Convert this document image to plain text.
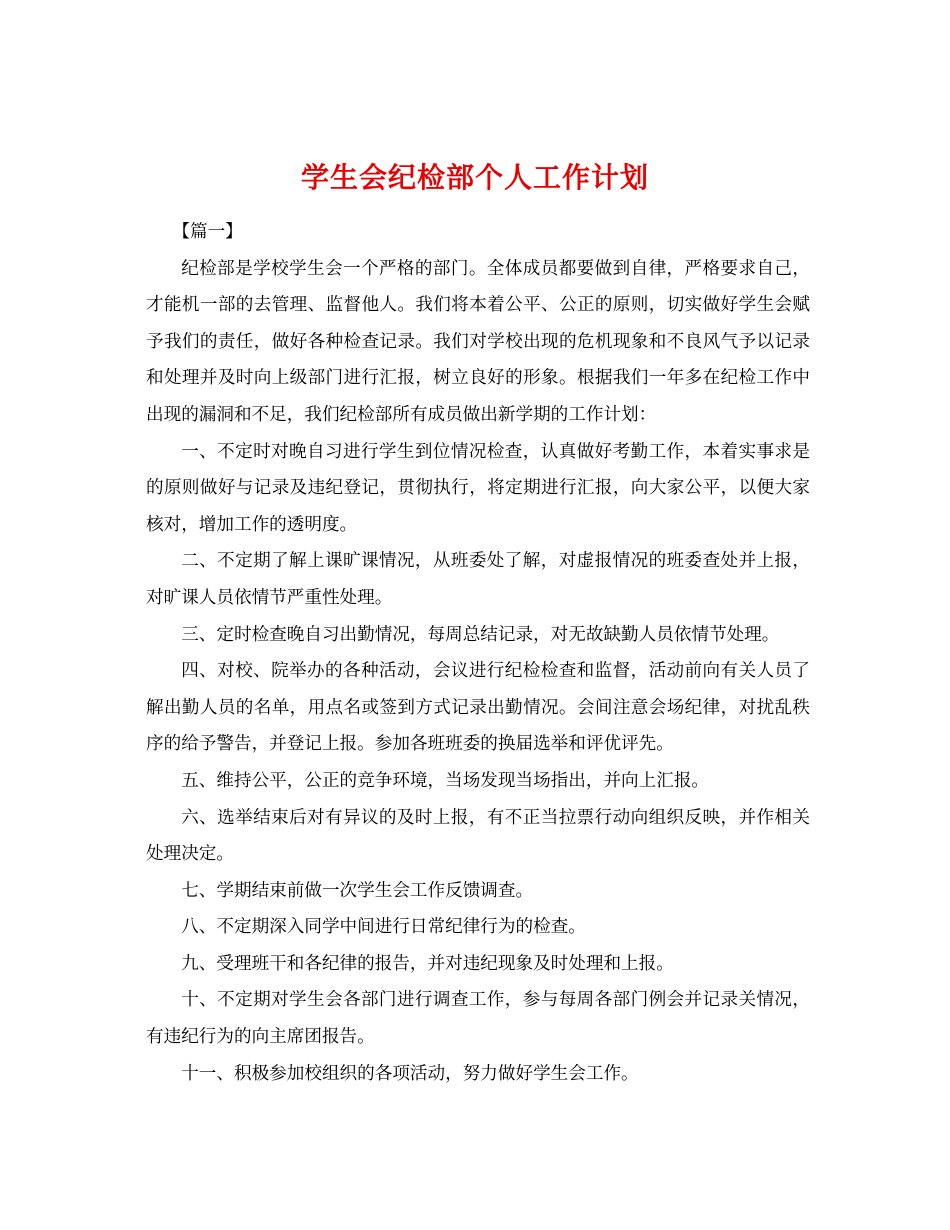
学生会纪检部个人工作计划

【篇一】

纪检部是学校学生会一个严格的部门。全体成员都要做到自律，严格要求自己，才能机一部的去管理、监督他人。我们将本着公平、公正的原则，切实做好学生会赋予我们的责任，做好各种检查记录。我们对学校出现的危机现象和不良风气予以记录和处理并及时向上级部门进行汇报，树立良好的形象。根据我们一年多在纪检工作中出现的漏洞和不足，我们纪检部所有成员做出新学期的工作计划：

一、不定时对晚自习进行学生到位情况检查，认真做好考勤工作，本着实事求是的原则做好与记录及违纪登记，贯彻执行，将定期进行汇报，向大家公平，以便大家核对，增加工作的透明度。

二、不定期了解上课旷课情况，从班委处了解，对虚报情况的班委查处并上报，对旷课人员依情节严重性处理。

三、定时检查晚自习出勤情况，每周总结记录，对无故缺勤人员依情节处理。

四、对校、院举办的各种活动，会议进行纪检检查和监督，活动前向有关人员了解出勤人员的名单，用点名或签到方式记录出勤情况。会间注意会场纪律，对扰乱秩序的给予警告，并登记上报。参加各班班委的换届选举和评优评先。

五、维持公平，公正的竞争环境，当场发现当场指出，并向上汇报。

六、选举结束后对有异议的及时上报，有不正当拉票行动向组织反映，并作相关处理决定。

七、学期结束前做一次学生会工作反馈调查。

八、不定期深入同学中间进行日常纪律行为的检查。

九、受理班干和各纪律的报告，并对违纪现象及时处理和上报。

十、不定期对学生会各部门进行调查工作，参与每周各部门例会并记录关情况，有违纪行为的向主席团报告。

十一、积极参加校组织的各项活动，努力做好学生会工作。
